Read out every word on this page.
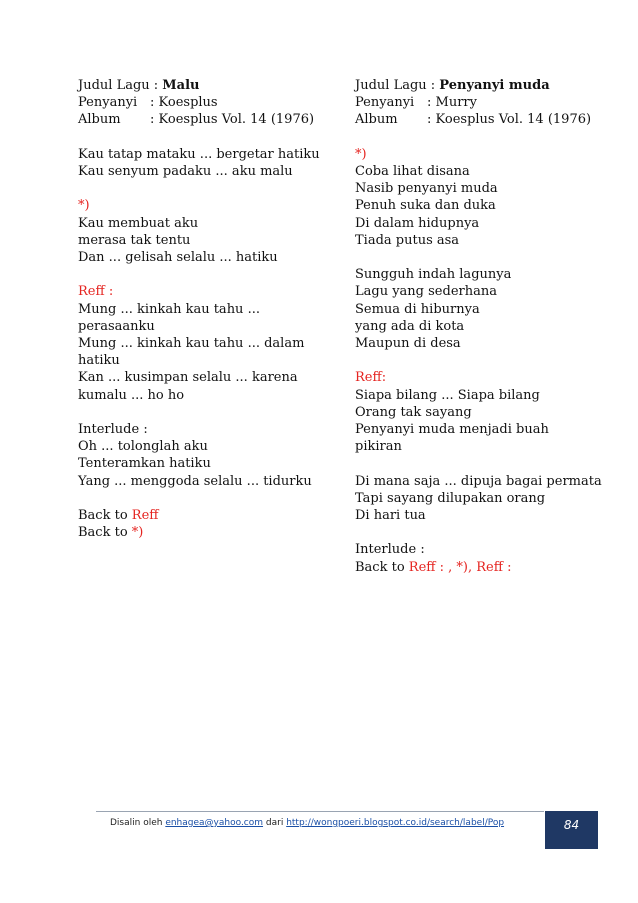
Judul Lagu : Malu
Penyanyi : Koesplus
Album : Koesplus Vol. 14 (1976)
Kau tatap mataku ... bergetar hatiku
Kau senyum padaku ... aku malu
*)
Kau membuat aku
merasa tak tentu
Dan ... gelisah selalu ... hatiku
Reff :
Mung ... kinkah kau tahu ...
perasaanku
Mung ... kinkah kau tahu ... dalam
hatiku
Kan ... kusimpan selalu ... karena
kumalu ... ho ho
Interlude :
Oh ... tolonglah aku
Tenteramkan hatiku
Yang ... menggoda selalu ... tidurku
Back to Reff
Back to *)
Judul Lagu : Penyanyi muda
Penyanyi : Murry
Album : Koesplus Vol. 14 (1976)
*)
Coba lihat disana
Nasib penyanyi muda
Penuh suka dan duka
Di dalam hidupnya
Tiada putus asa
Sungguh indah lagunya
Lagu yang sederhana
Semua di hiburnya
yang ada di kota
Maupun di desa
Reff:
Siapa bilang ... Siapa bilang
Orang tak sayang
Penyanyi muda menjadi buah
pikiran
Di mana saja ... dipuja bagai permata
Tapi sayang dilupakan orang
Di hari tua
Interlude :
Back to Reff : , *), Reff :
Disalin oleh enhagea@yahoo.com dari http://wongpoeri.blogspot.co.id/search/label/Pop	84
